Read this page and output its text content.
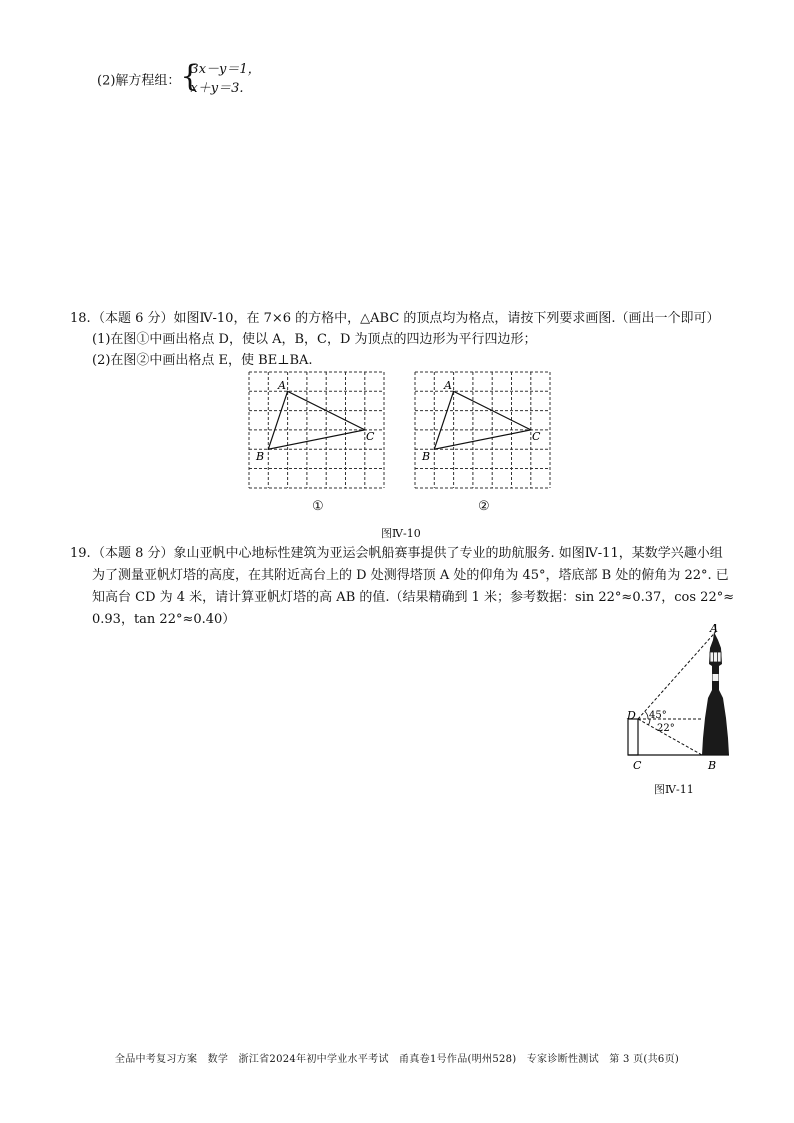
(2)解方程组： {
3x－y＝1，
x＋y＝3.
18.（本题 6 分）如图Ⅳ-10，在 7×6 的方格中，△ABC 的顶点均为格点，请按下列要求画图.（画出一个即可）
(1)在图①中画出格点 D，使以 A，B，C，D 为顶点的四边形为平行四边形；
(2)在图②中画出格点 E，使 BE⊥BA.
A
B
C
①
A
B
C
②
图Ⅳ-10
19.（本题 8 分）象山亚帆中心地标性建筑为亚运会帆船赛事提供了专业的助航服务. 如图Ⅳ-11，某数学兴趣小组
为了测量亚帆灯塔的高度，在其附近高台上的 D 处测得塔顶 A 处的仰角为 45°，塔底部 B 处的俯角为 22°. 已
知高台 CD 为 4 米，请计算亚帆灯塔的高 AB 的值.（结果精确到 1 米；参考数据：sin 22°≈0.37，cos 22°≈
0.93，tan 22°≈0.40）
45°
22°
A
D
C	B
图Ⅳ-11
全品中考复习方案　数学　浙江省2024年初中学业水平考试　甬真卷1号作品(明州528)　专家诊断性测试　第 3 页(共6页)
